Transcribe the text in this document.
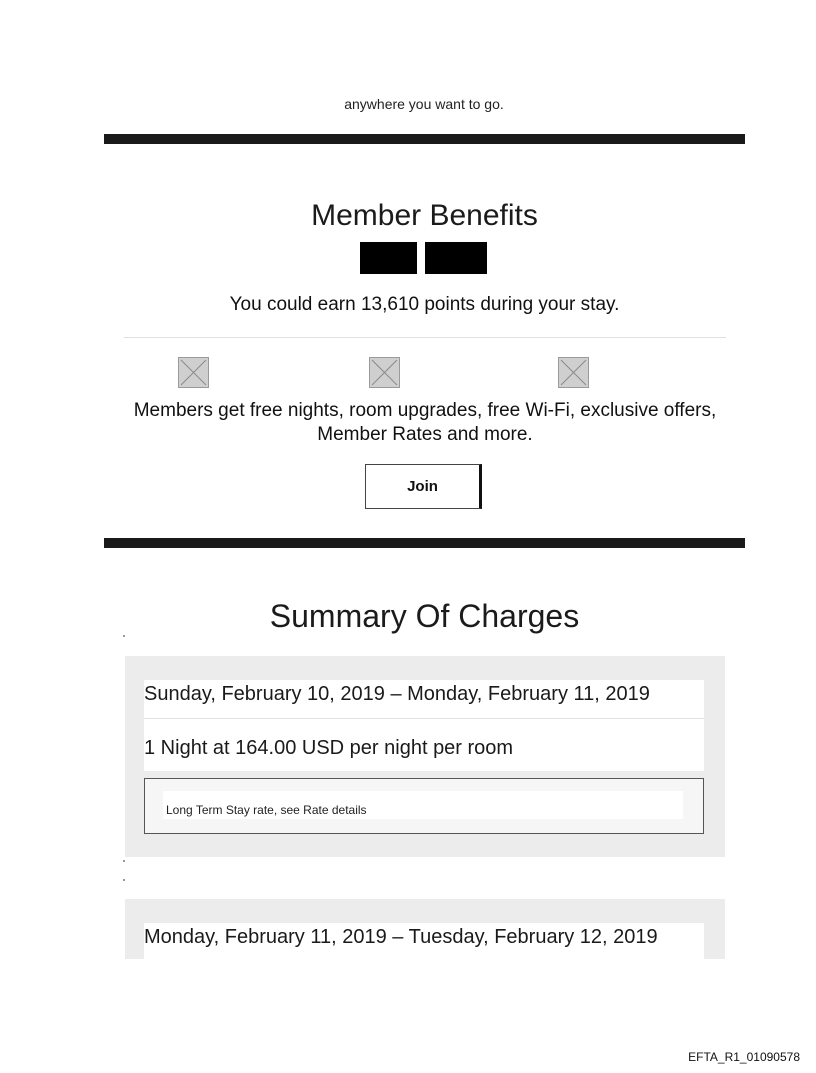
anywhere you want to go.
Member Benefits
You could earn 13,610 points during your stay.
Members get free nights, room upgrades, free Wi-Fi, exclusive offers, Member Rates and more.
Join
Summary Of Charges
Sunday, February 10, 2019 – Monday, February 11, 2019
1 Night at 164.00 USD per night per room
Long Term Stay rate, see Rate details
Monday, February 11, 2019 – Tuesday, February 12, 2019
EFTA_R1_01090578
